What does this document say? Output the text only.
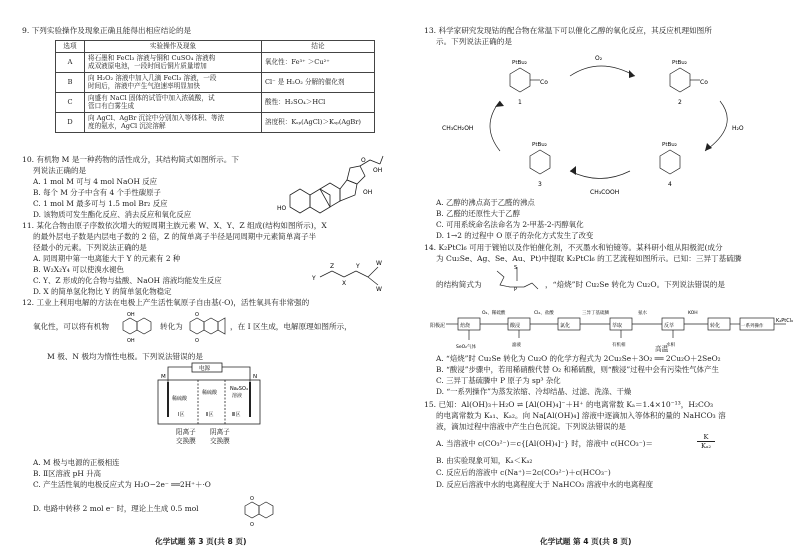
9. 下列实验操作及现象正确且能得出相应结论的是
选项	实验操作及现象	结论
A	将石墨和 FeCl₃ 溶液与铜和 CuSO₄ 溶液构
成双液原电池，一段时间后铜片质量增加	氧化性：Fe³⁺ ＞Cu²⁺
B	向 H₂O₂ 溶液中加入几滴 FeCl₃ 溶液，一段
时间后，溶液中产生气泡速率明显加快	Cl⁻ 是 H₂O₂ 分解的催化剂
C	向盛有 NaCl 固体的试管中加入浓硫酸，试
管口有白雾生成	酸性：H₂SO₄＞HCl
D	向 AgCl、AgBr 沉淀中分别加入等体积、等浓
度的氨水，AgCl 沉淀溶解	溶度积：Kₛₚ(AgCl)＞Kₛₚ(AgBr)
10. 有机物 M 是一种药物的活性成分，其结构简式如图所示。下
列说法正确的是
A. 1 mol M 可与 4 mol NaOH 反应
B. 每个 M 分子中含有 4 个手性碳原子
C. 1 mol M 最多可与 1.5 mol Br₂ 反应
D. 该物质可发生酯化反应、消去反应和氧化反应
HO
OH
OH
O
11. 某化合物由原子序数依次增大的短周期主族元素 W、X、Y、Z 组成(结构如图所示)，X
的最外层电子数是内层电子数的 2 倍，Z 的简单离子半径是同周期中元素简单离子半
径最小的元素。下列说法正确的是
A. 同周期中第一电离能大于 Y 的元素有 2 种
B. W₂X₂Y₄ 可以使溴水褪色
C. Y、Z 形成的化合物与盐酸、NaOH 溶液均能发生反应
D. X 的简单氢化物比 Y 的简单氢化物稳定
Y
Z
X
Y	W
W
12. 工业上利用电解的方法在电极上产生活性氧原子自由基(·O)，活性氧具有非常强的
氧化性，可以将有机物
OH
OH
转化为
O
O
，在 I 区生成，电解原理如图所示，
M 极、N 极均为惰性电极。下列说法错误的是
电源
M	N
稀硫酸
Na₂SO₄
溶液
稀硫酸
Ⅰ区	Ⅱ区	Ⅲ区
阳离子
交换膜
阴离子
交换膜
A. M 极与电源的正极相连
B. Ⅱ区溶液 pH 升高
C. 产生活性氧的电极反应式为 H₂O−2e⁻ ══2H⁺＋·O
D. 电路中转移 2 mol e⁻ 时，理论上生成 0.5 mol
O
O
化学试题 第 3 页(共 8 页)
13. 科学家研究发现钴的配合物在常温下可以催化乙醇的氧化反应，其反应机理如图所
示。下列说法正确的是
Co	Co
PtBu₂	PtBu₂
PtBu₂
PtBu₂
1	2
4
3
O₂
CH₃CH₂OH
CH₃COOH
H₂O
A. 乙醇的沸点高于乙醛的沸点
B. 乙醛的还原性大于乙醇
C. 可用系统命名法命名为 2-甲基-2-丙醇氧化
D. 1→2 的过程中 O 原子的杂化方式发生了改变
14. K₂PtCl₆ 可用于镀铂以及作铂催化剂，不灭墨水和铂镜等。某科研小组从阳极泥(成分
为 Cu₂Se、Ag、Se、Au、Pt)中提取 K₂PtCl₆ 的工艺流程如图所示。已知：三异丁基硫膦
的结构简式为
P
S
，“焙烧”时 Cu₂Se 转化为 Cu₂O。下列说法错误的是
阳极泥	焙烧	酸浸	氯化	萃取	反萃	转化	一系列操作
K₂PtCl₆
O₂、稀硫酸	Cl₂、盐酸	三异丁基硫膦	氨水	KOH
SeO₂气体	滤液	有机相	水相
A. “焙烧”时 Cu₂Se 转化为 Cu₂O 的化学方程式为 2Cu₂Se＋3O₂ ══ 2Cu₂O＋2SeO₂
高温
B. “酸浸”步骤中，若用稀硝酸代替 O₂ 和稀硫酸，则“酸浸”过程中会有污染性气体产生
C. 三异丁基硫膦中 P 原子为 sp³ 杂化
D. “一系列操作”为蒸发浓缩、冷却结晶、过滤、洗涤、干燥
15. 已知：Al(OH)₃＋H₂O ⇌ [Al(OH)₄]⁻＋H⁺ 的电离常数 Kₐ＝1.4×10⁻¹³，H₂CO₃
的电离常数为 Kₐ₁、Kₐ₂。向 Na[Al(OH)₄] 溶液中逐滴加入等体积的量的 NaHCO₃ 溶
液，滴加过程中溶液中产生白色沉淀。下列说法错误的是
A. 当溶液中 c(CO₃²⁻)＝c{[Al(OH)₄]⁻} 时，溶液中 c(HCO₃⁻)＝
K
Kₐ₂
B. 由实验现象可知，Kₐ＜Kₐ₂
C. 反应后的溶液中 c(Na⁺)＝2c(CO₃²⁻)＋c(HCO₃⁻)
D. 反应后溶液中水的电离程度大于 NaHCO₃ 溶液中水的电离程度
化学试题 第 4 页(共 8 页)
